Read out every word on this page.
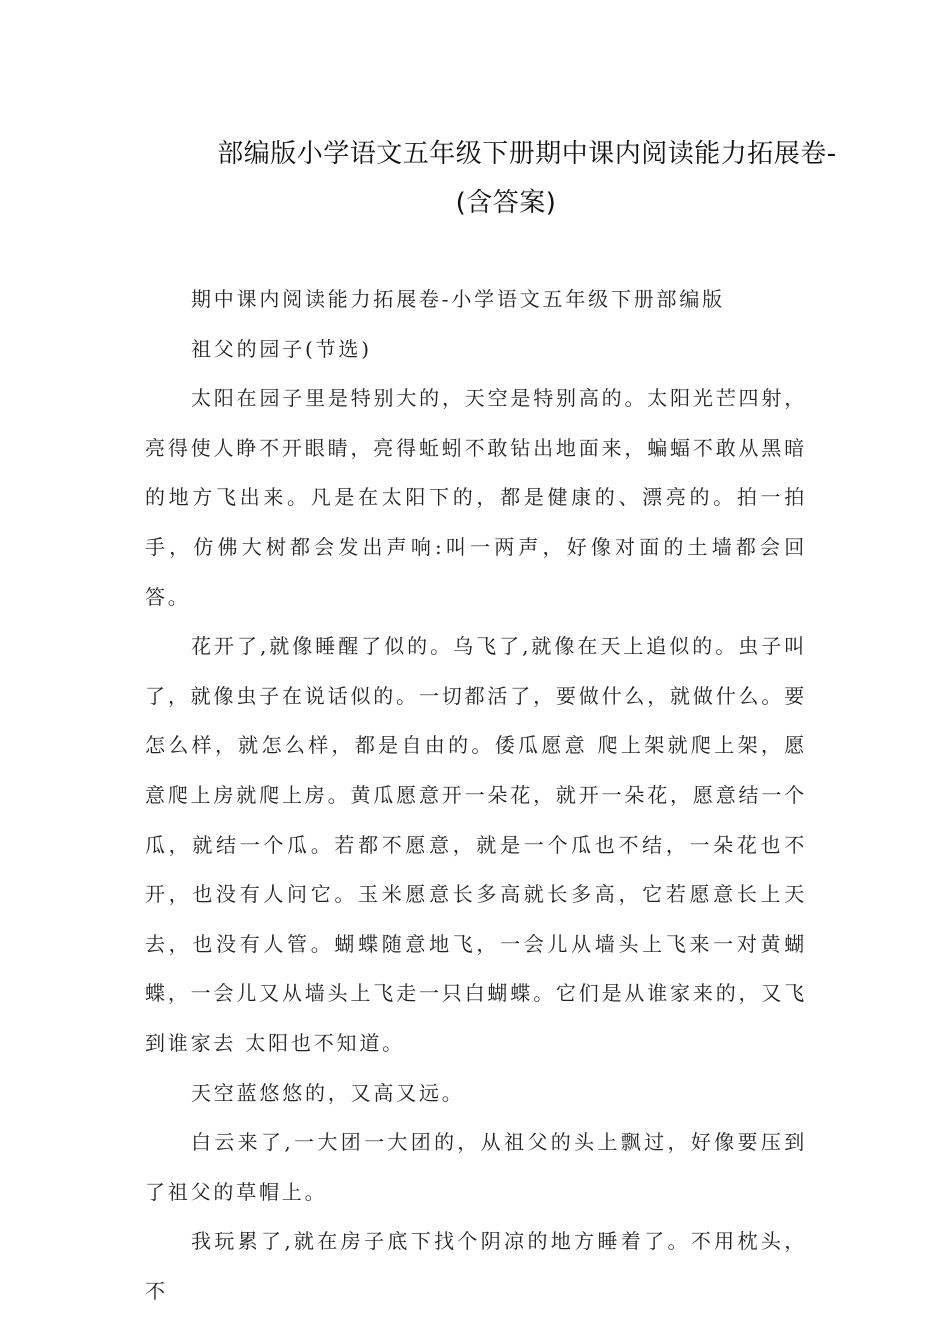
部编版小学语文五年级下册期中课内阅读能力拓展卷-
(含答案)

期中课内阅读能力拓展卷-小学语文五年级下册部编版

祖父的园子(节选)

太阳在园子里是特别大的，天空是特别高的。太阳光芒四射，亮得使人睁不开眼睛，亮得蚯蚓不敢钻出地面来，蝙蝠不敢从黑暗的地方飞出来。凡是在太阳下的，都是健康的、漂亮的。拍一拍手，仿佛大树都会发出声响:叫一两声，好像对面的土墙都会回答。

花开了,就像睡醒了似的。乌飞了,就像在天上追似的。虫子叫了，就像虫子在说话似的。一切都活了，要做什么，就做什么。要怎么样，就怎么样，都是自由的。倭瓜愿意 爬上架就爬上架，愿意爬上房就爬上房。黄瓜愿意开一朵花，就开一朵花，愿意结一个瓜，就结一个瓜。若都不愿意，就是一个瓜也不结，一朵花也不开，也没有人问它。玉米愿意长多高就长多高，它若愿意长上天去，也没有人管。蝴蝶随意地飞，一会儿从墙头上飞来一对黄蝴蝶，一会儿又从墙头上飞走一只白蝴蝶。它们是从谁家来的，又飞到谁家去 太阳也不知道。

天空蓝悠悠的，又高又远。

白云来了,一大团一大团的，从祖父的头上飘过，好像要压到了祖父的草帽上。

我玩累了,就在房子底下找个阴凉的地方睡着了。不用枕头，不
